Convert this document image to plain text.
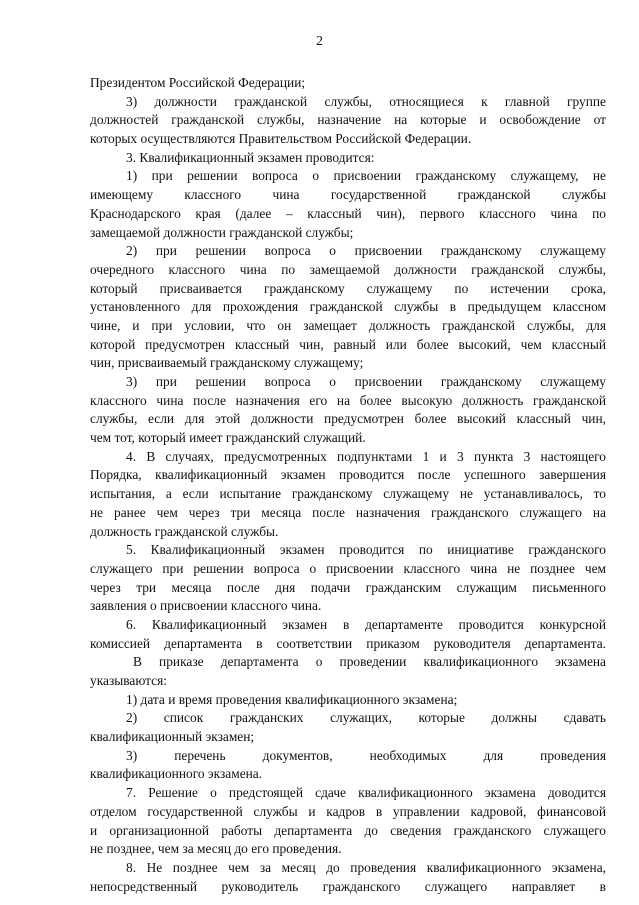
2
Президентом Российской Федерации;
3) должности гражданской службы, относящиеся к главной группе
должностей гражданской службы, назначение на которые и освобождение от
которых осуществляются Правительством Российской Федерации.
3. Квалификационный экзамен проводится:
1) при решении вопроса о присвоении гражданскому служащему, не
имеющему классного чина государственной гражданской службы
Краснодарского края (далее – классный чин), первого классного чина по
замещаемой должности гражданской службы;
2) при решении вопроса о присвоении гражданскому служащему
очередного классного чина по замещаемой должности гражданской службы,
который присваивается гражданскому служащему по истечении срока,
установленного для прохождения гражданской службы в предыдущем классном
чине, и при условии, что он замещает должность гражданской службы, для
которой предусмотрен классный чин, равный или более высокий, чем классный
чин, присваиваемый гражданскому служащему;
3) при решении вопроса о присвоении гражданскому служащему
классного чина после назначения его на более высокую должность гражданской
службы, если для этой должности предусмотрен более высокий классный чин,
чем тот, который имеет гражданский служащий.
4. В случаях, предусмотренных подпунктами 1 и 3 пункта 3 настоящего
Порядка, квалификационный экзамен проводится после успешного завершения
испытания, а если испытание гражданскому служащему не устанавливалось, то
не ранее чем через три месяца после назначения гражданского служащего на
должность гражданской службы.
5. Квалификационный экзамен проводится по инициативе гражданского
служащего при решении вопроса о присвоении классного чина не позднее чем
через три месяца после дня подачи гражданским служащим письменного
заявления о присвоении классного чина.
6. Квалификационный экзамен в департаменте проводится конкурсной
комиссией департамента в соответствии приказом руководителя департамента.
В приказе департамента о проведении квалификационного экзамена
указываются:
1) дата и время проведения квалификационного экзамена;
2) список гражданских служащих, которые должны сдавать
квалификационный экзамен;
3) перечень документов, необходимых для проведения
квалификационного экзамена.
7. Решение о предстоящей сдаче квалификационного экзамена доводится
отделом государственной службы и кадров в управлении кадровой, финансовой
и организационной работы департамента до сведения гражданского служащего
не позднее, чем за месяц до его проведения.
8. Не позднее чем за месяц до проведения квалификационного экзамена,
непосредственный руководитель гражданского служащего направляет в
